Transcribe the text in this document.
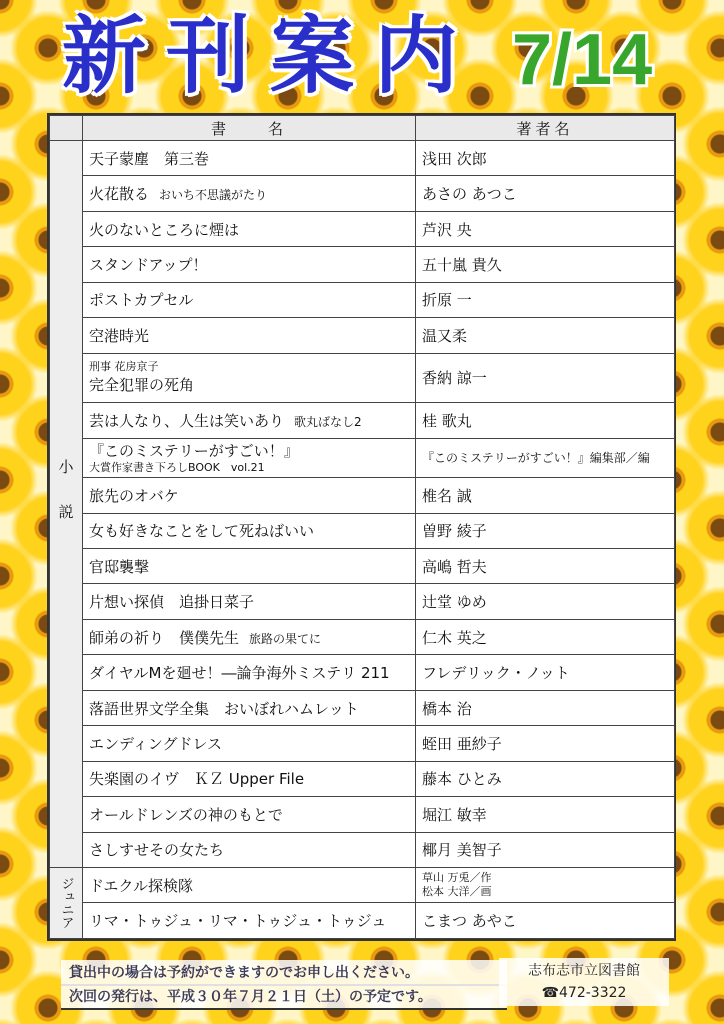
新刊案内 7/14
	書　　名	著者名
小説	天子蒙塵　第三巻	浅田 次郎
	火花散る おいち不思議がたり	あさの あつこ
	火のないところに煙は	芦沢 央
	スタンドアップ！	五十嵐 貴久
	ポストカプセル	折原 一
	空港時光	温又柔

	刑事 花房京子
完全犯罪の死角	香納 諒一
	芸は人なり、人生は笑いあり 歌丸ばなし2	桂 歌丸
	『このミステリーがすごい！』
大賞作家書き下ろしBOOK　vol.21	『このミステリーがすごい！』編集部／編
	旅先のオバケ	椎名 誠
	女も好きなことをして死ねばいい	曽野 綾子
	官邸襲撃	高嶋 哲夫
	片想い探偵　追掛日菜子	辻堂 ゆめ
	師弟の祈り　僕僕先生 旅路の果てに	仁木 英之
	ダイヤルMを廻せ！―論争海外ミステリ 211	フレデリック・ノット
	落語世界文学全集　おいぼれハムレット	橋本 治
	エンディングドレス	蛭田 亜紗子
	失楽園のイヴ　ＫＺ Upper File	藤本 ひとみ
	オールドレンズの神のもとで	堀江 敏幸
	さしすせその女たち	椰月 美智子
ジュニア	ドエクル探検隊	草山 万兎／作
松本 大洋／画

	リマ・トゥジュ・リマ・トゥジュ・トゥジュ	こまつ あやこ
貸出中の場合は予約ができますのでお申し出ください。
次回の発行は、平成３０年７月２１日（土）の予定です。
志布志市立図書館
☎472-3322
